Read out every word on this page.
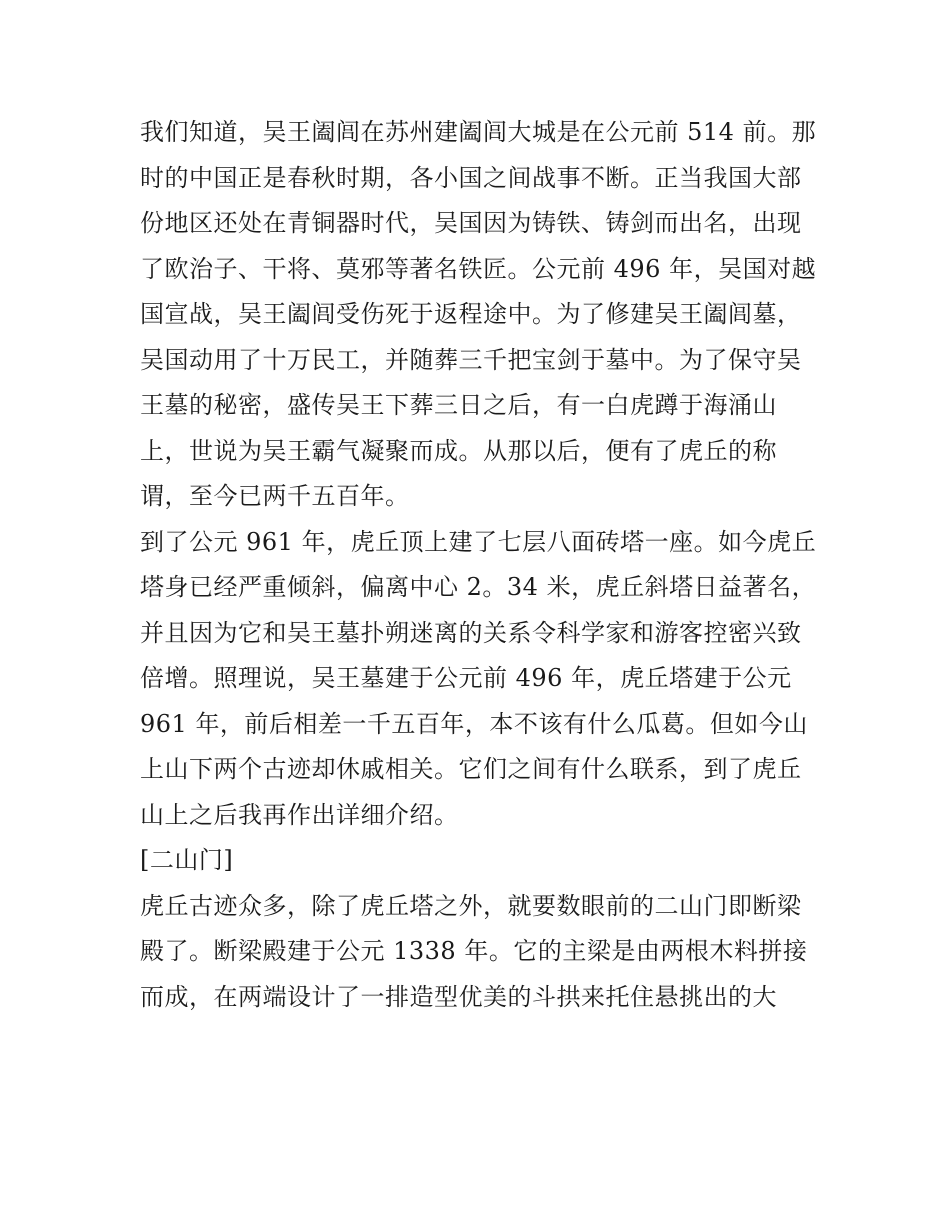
我们知道，吴王阖闾在苏州建阖闾大城是在公元前 514 前。那
时的中国正是春秋时期，各小国之间战事不断。正当我国大部
份地区还处在青铜器时代，吴国因为铸铁、铸剑而出名，出现
了欧治子、干将、莫邪等著名铁匠。公元前 496 年，吴国对越
国宣战，吴王阖闾受伤死于返程途中。为了修建吴王阖闾墓，
吴国动用了十万民工，并随葬三千把宝剑于墓中。为了保守吴
王墓的秘密，盛传吴王下葬三日之后，有一白虎蹲于海涌山
上，世说为吴王霸气凝聚而成。从那以后，便有了虎丘的称
谓，至今已两千五百年。
到了公元 961 年，虎丘顶上建了七层八面砖塔一座。如今虎丘
塔身已经严重倾斜，偏离中心 2。34 米，虎丘斜塔日益著名，
并且因为它和吴王墓扑朔迷离的关系令科学家和游客控密兴致
倍增。照理说，吴王墓建于公元前 496 年，虎丘塔建于公元
961 年，前后相差一千五百年，本不该有什么瓜葛。但如今山
上山下两个古迹却休戚相关。它们之间有什么联系，到了虎丘
山上之后我再作出详细介绍。
[二山门]
虎丘古迹众多，除了虎丘塔之外，就要数眼前的二山门即断梁
殿了。断梁殿建于公元 1338 年。它的主梁是由两根木料拼接
而成，在两端设计了一排造型优美的斗拱来托住悬挑出的大
